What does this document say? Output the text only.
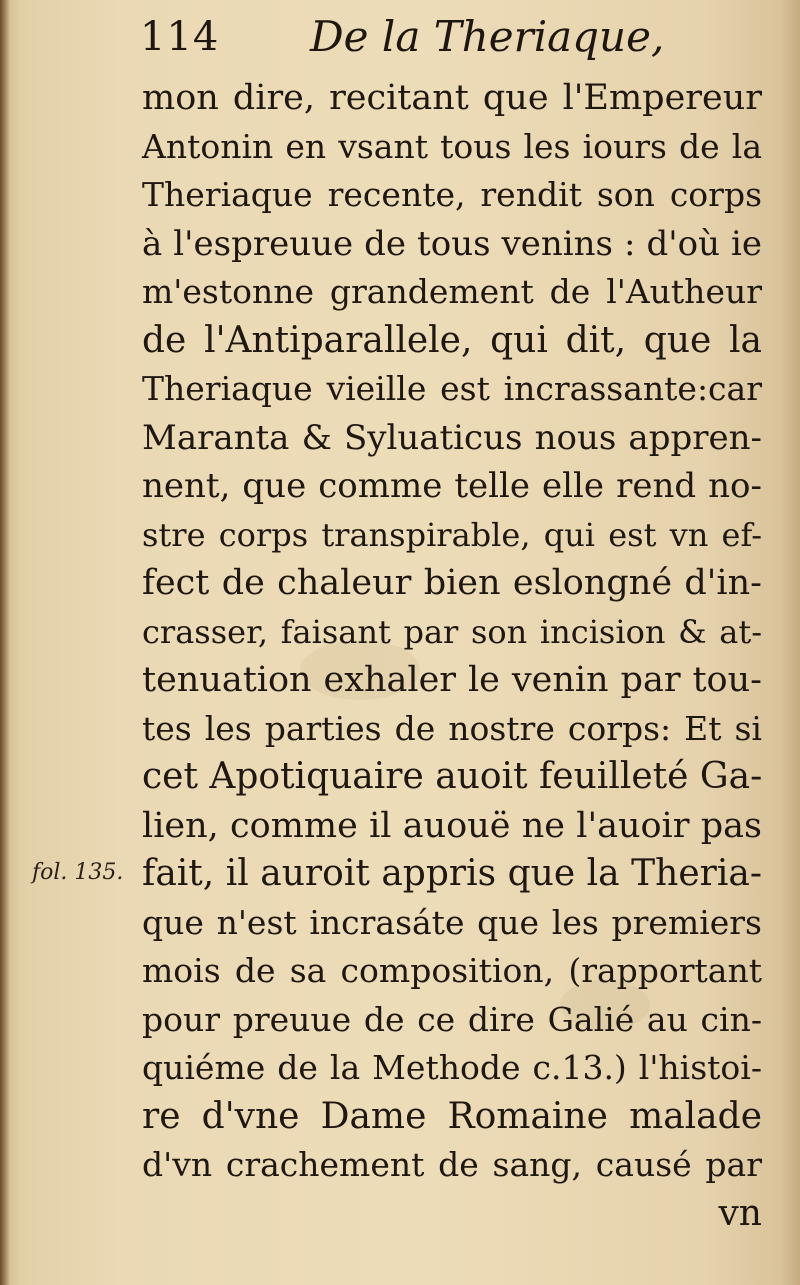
114 De la Theriaque,
fol. 135.
mon dire, recitant que l'Empereur
Antonin en vsant tous les iours de la
Theriaque recente, rendit son corps
à l'espreuue de tous venins : d'où ie
m'estonne grandement de l'Autheur
de l'Antiparallele, qui dit, que la
Theriaque vieille est incrassante:car
Maranta & Syluaticus nous appren-
nent, que comme telle elle rend no-
stre corps transpirable, qui est vn ef-
fect de chaleur bien eslongné d'in-
crasser, faisant par son incision & at-
tenuation exhaler le venin par tou-
tes les parties de nostre corps: Et si
cet Apotiquaire auoit feuilleté Ga-
lien, comme il auouë ne l'auoir pas
fait, il auroit appris que la Theria-
que n'est incrasáte que les premiers
mois de sa composition, (rapportant
pour preuue de ce dire Galié au cin-
quiéme de la Methode c.13.) l'histoi-
re d'vne Dame Romaine malade
d'vn crachement de sang, causé par
vn
